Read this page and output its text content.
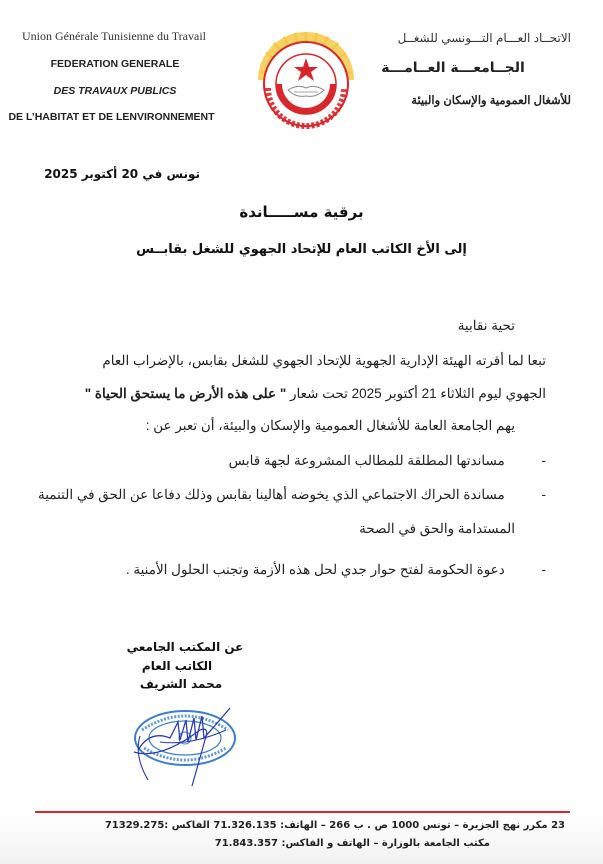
Union Générale Tunisienne du Travail
FEDERATION GENERALE
DES TRAVAUX PUBLICS
DE L’HABITAT ET DE LENVIRONNEMENT
الاتحــاد العـــام التـــونسي للشغــل
الجــامعـــة العــامـــة
للأشغال العمومية والإسكان والبيئة
تونس في 20 أكتوبر 2025
برقية مســـــاندة
إلى الأخ الكاتب العام للإتحاد الجهوي للشغل بقابــس
تحية نقابية
تبعا لما أقرته الهيئة الإدارية الجهوية للإتحاد الجهوي للشغل بقابس، بالإضراب العام
الجهوي ليوم الثلاثاء 21 أكتوبر 2025 تحت شعار " على هذه الأرض ما يستحق الحياة "
يهم الجامعة العامة للأشغال العمومية والإسكان والبيئة، أن تعبر عن :
-   مساندتها المطلقة للمطالب المشروعة لجهة قابس
-   مساندة الحراك الاجتماعي الذي يخوضه أهالينا بقابس وذلك دفاعا عن الحق في التنمية
المستدامة والحق في الصحة
-   دعوة الحكومة لفتح حوار جدي لحل هذه الأزمة وتجنب الحلول الأمنية .
عن المكتب الجامعي
الكاتب العام
محمد الشريف
23 مكرر نهج الجزيرة – تونس 1000 ص . ب 266 – الهاتف: 71.326.135 الفاكس :71329.275
مكتب الجامعة بالوزارة – الهاتف و الفاكس: 71.843.357
